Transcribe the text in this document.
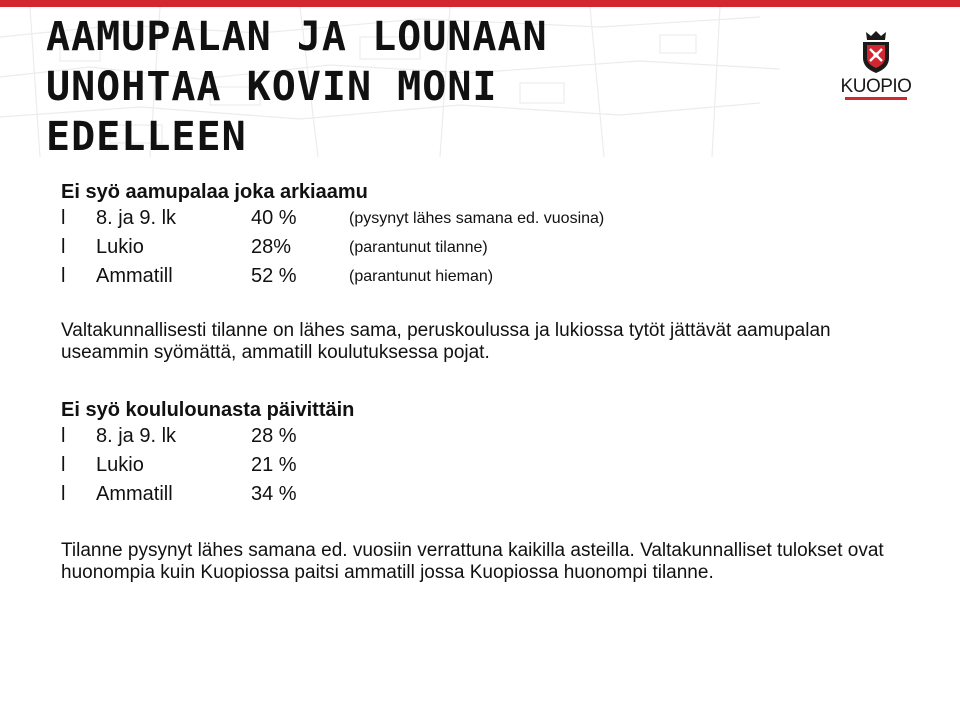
AAMUPALAN JA LOUNAAN
UNOHTAA KOVIN MONI
EDELLEEN
KUOPIO
Ei syö aamupalaa joka arkiaamu
l 8. ja 9. lk	40 %	(pysynyt lähes samana ed. vuosina)
l Lukio	28%	(parantunut tilanne)
l Ammatill	52 %	(parantunut hieman)

Valtakunnallisesti tilanne on lähes sama, peruskoulussa ja lukiossa tytöt jättävät aamupalan useammin syömättä, ammatill koulutuksessa pojat.

Ei syö koululounasta päivittäin
l 8. ja 9. lk	28 %
l Lukio	21 %
l Ammatill	34 %

Tilanne pysynyt lähes samana ed. vuosiin verrattuna kaikilla asteilla. Valtakunnalliset tulokset ovat huonompia kuin Kuopiossa paitsi ammatill jossa Kuopiossa huonompi tilanne.
